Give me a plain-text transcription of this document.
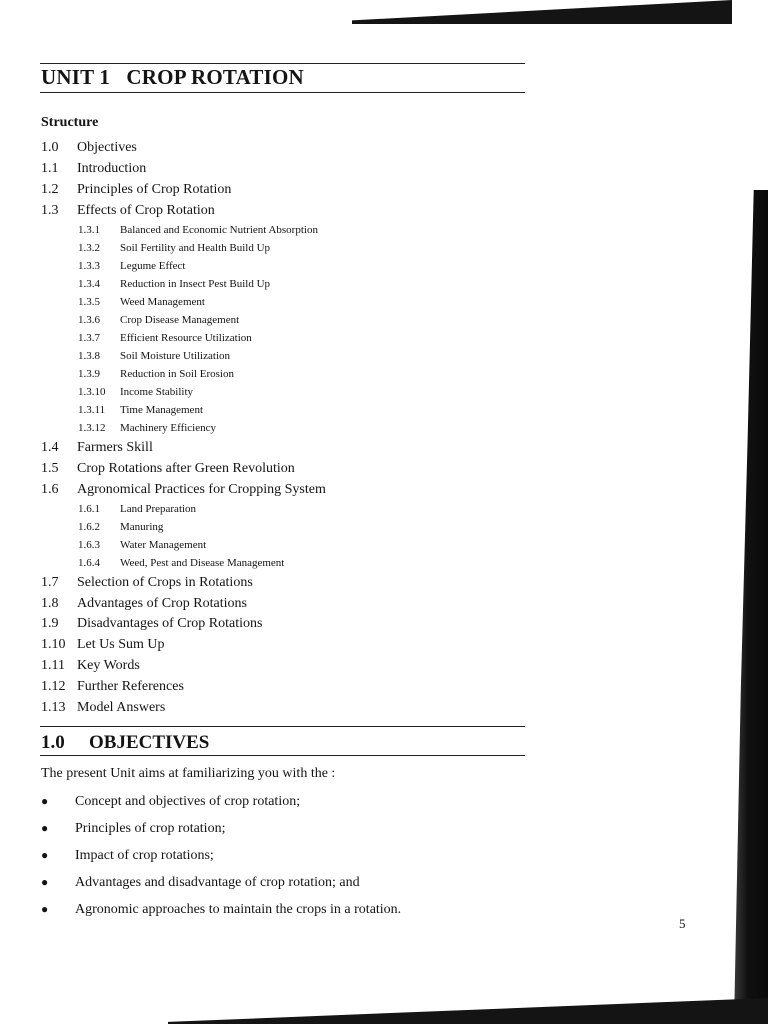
UNIT 1   CROP ROTATION
Structure
1.0 Objectives
1.1 Introduction
1.2 Principles of Crop Rotation
1.3 Effects of Crop Rotation
1.3.1 Balanced and Economic Nutrient Absorption
1.3.2 Soil Fertility and Health Build Up
1.3.3 Legume Effect
1.3.4 Reduction in Insect Pest Build Up
1.3.5 Weed Management
1.3.6 Crop Disease Management
1.3.7 Efficient Resource Utilization
1.3.8 Soil Moisture Utilization
1.3.9 Reduction in Soil Erosion
1.3.10 Income Stability
1.3.11 Time Management
1.3.12 Machinery Efficiency
1.4 Farmers Skill
1.5 Crop Rotations after Green Revolution
1.6 Agronomical Practices for Cropping System
1.6.1 Land Preparation
1.6.2 Manuring
1.6.3 Water Management
1.6.4 Weed, Pest and Disease Management
1.7 Selection of Crops in Rotations
1.8 Advantages of Crop Rotations
1.9 Disadvantages of Crop Rotations
1.10 Let Us Sum Up
1.11 Key Words
1.12 Further References
1.13 Model Answers
1.0 OBJECTIVES
The present Unit aims at familiarizing you with the :
● Concept and objectives of crop rotation;
● Principles of crop rotation;
● Impact of crop rotations;
● Advantages and disadvantage of crop rotation; and
● Agronomic approaches to maintain the crops in a rotation.
5
